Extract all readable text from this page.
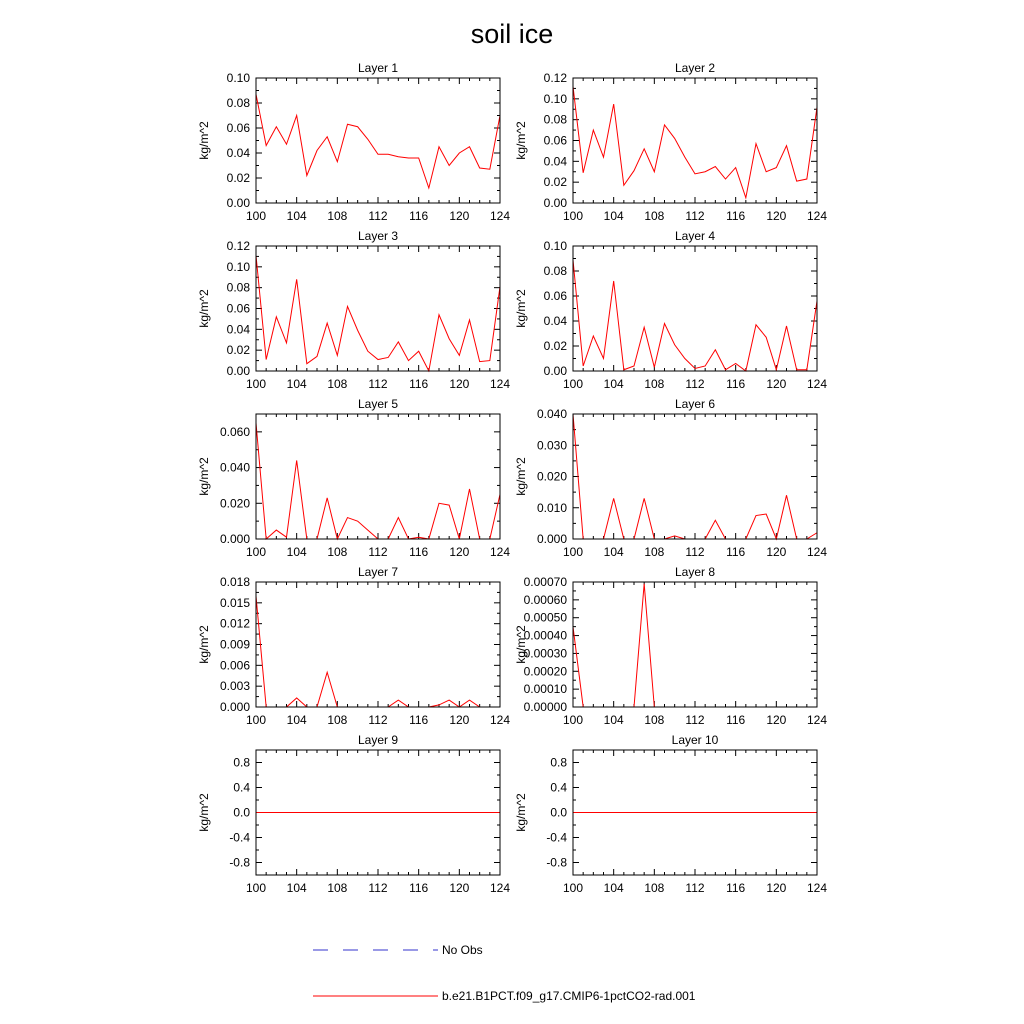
soil ice
Layer 1
kg/m^2
0.00
0.02
0.04
0.06
0.08
0.10
100 104 108 112 116 120 124
Layer 2
kg/m^2
0.00
0.02
0.04
0.06
0.08
0.10
0.12
100 104 108 112 116 120 124
Layer 3
kg/m^2
0.00
0.02
0.04
0.06
0.08
0.10
0.12
100 104 108 112 116 120 124
Layer 4
kg/m^2
0.00
0.02
0.04
0.06
0.08
0.10
100 104 108 112 116 120 124
Layer 5
kg/m^2
0.000
0.020
0.040
0.060
100 104 108 112 116 120 124
Layer 6
kg/m^2
0.000
0.010
0.020
0.030
0.040
100 104 108 112 116 120 124
Layer 7
kg/m^2
0.000
0.003
0.006
0.009
0.012
0.015
0.018
100 104 108 112 116 120 124
Layer 8
kg/m^2
0.00000
0.00010
0.00020
0.00030
0.00040
0.00050
0.00060
0.00070
100 104 108 112 116 120 124
Layer 9
kg/m^2
-0.8
-0.4
0.0
0.4
0.8
100 104 108 112 116 120 124
Layer 10
kg/m^2
-0.8
-0.4
0.0
0.4
0.8
100 104 108 112 116 120 124
No Obs
b.e21.B1PCT.f09_g17.CMIP6-1pctCO2-rad.001
